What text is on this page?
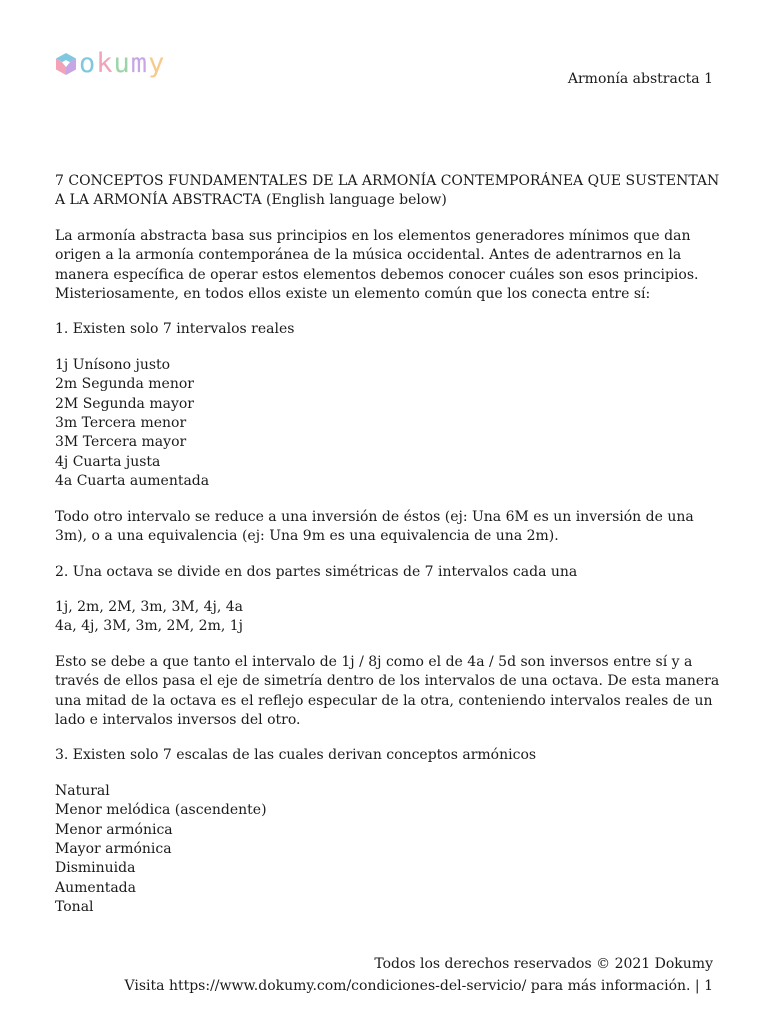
okumy	Armonía abstracta 1

7 CONCEPTOS FUNDAMENTALES DE LA ARMONÍA CONTEMPORÁNEA QUE SUSTENTAN A LA ARMONÍA ABSTRACTA (English language below)

La armonía abstracta basa sus principios en los elementos generadores mínimos que dan origen a la armonía contemporánea de la música occidental. Antes de adentrarnos en la manera específica de operar estos elementos debemos conocer cuáles son esos principios. Misteriosamente, en todos ellos existe un elemento común que los conecta entre sí:

1. Existen solo 7 intervalos reales

1j Unísono justo
2m Segunda menor
2M Segunda mayor
3m Tercera menor
3M Tercera mayor
4j Cuarta justa
4a Cuarta aumentada

Todo otro intervalo se reduce a una inversión de éstos (ej: Una 6M es un inversión de una 3m), o a una equivalencia (ej: Una 9m es una equivalencia de una 2m).

2. Una octava se divide en dos partes simétricas de 7 intervalos cada una

1j, 2m, 2M, 3m, 3M, 4j, 4a
4a, 4j, 3M, 3m, 2M, 2m, 1j

Esto se debe a que tanto el intervalo de 1j / 8j como el de 4a / 5d son inversos entre sí y a través de ellos pasa el eje de simetría dentro de los intervalos de una octava. De esta manera una mitad de la octava es el reflejo especular de la otra, conteniendo intervalos reales de un lado e intervalos inversos del otro.

3. Existen solo 7 escalas de las cuales derivan conceptos armónicos

Natural
Menor melódica (ascendente)
Menor armónica
Mayor armónica
Disminuida
Aumentada
Tonal

Todos los derechos reservados © 2021 Dokumy
Visita https://www.dokumy.com/condiciones-del-servicio/ para más información. | 1
